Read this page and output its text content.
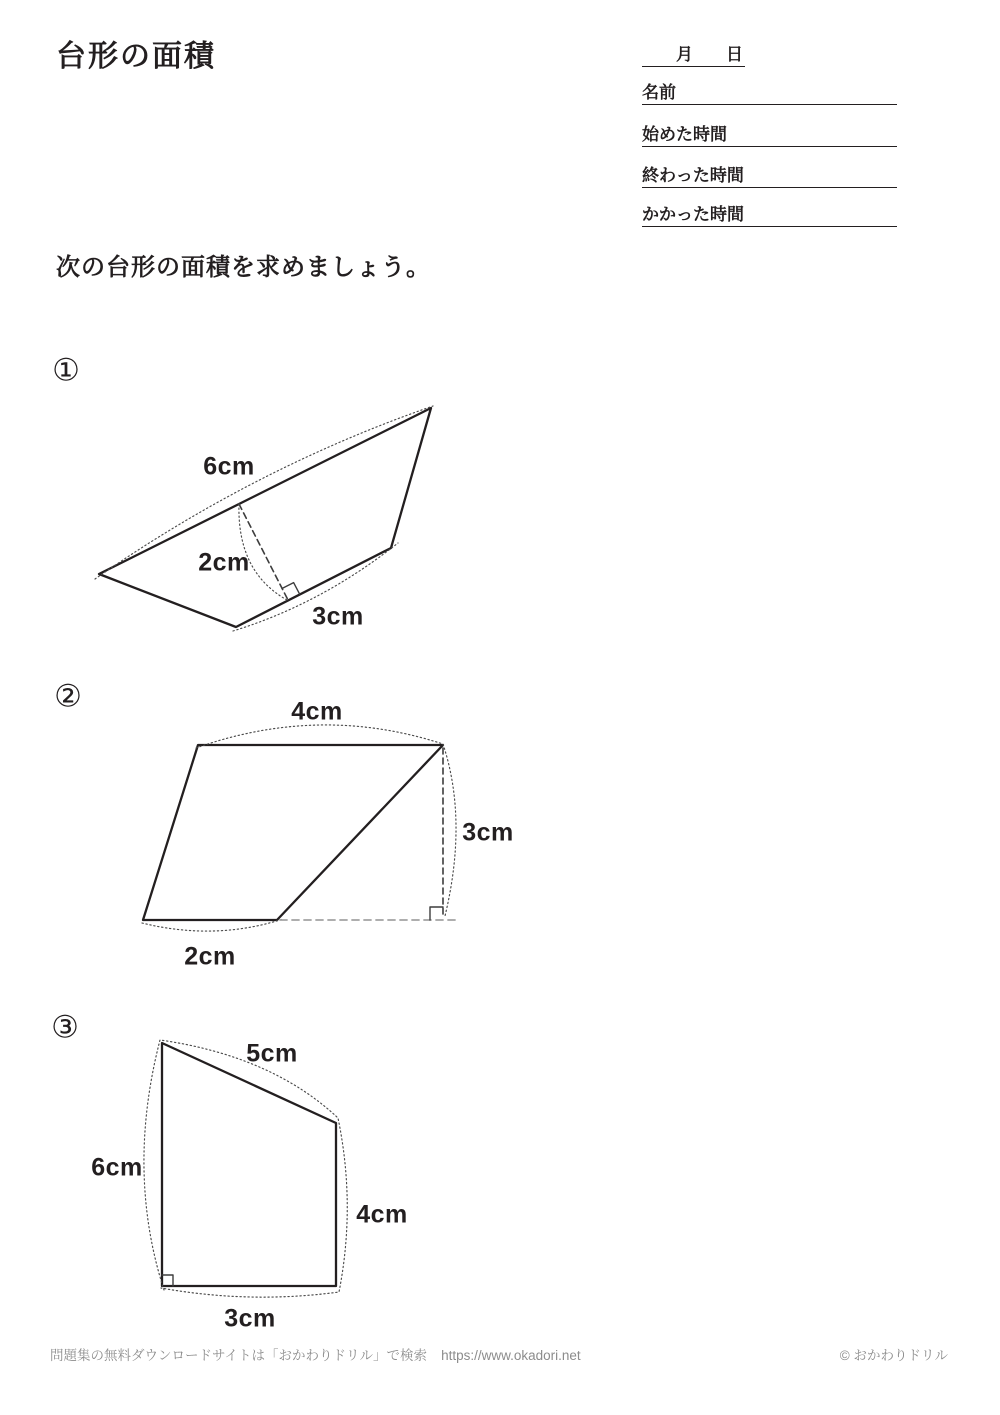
台形の面積	月 日
名前
始めた時間
終わった時間
かかった時間
次の台形の面積を求めましょう。
①
②
③
6cm
2cm
3cm
4cm
3cm
2cm
5cm
6cm
4cm
3cm
問題集の無料ダウンロードサイトは「おかわりドリル」で検索 https://www.okadori.net	© おかわりドリル
